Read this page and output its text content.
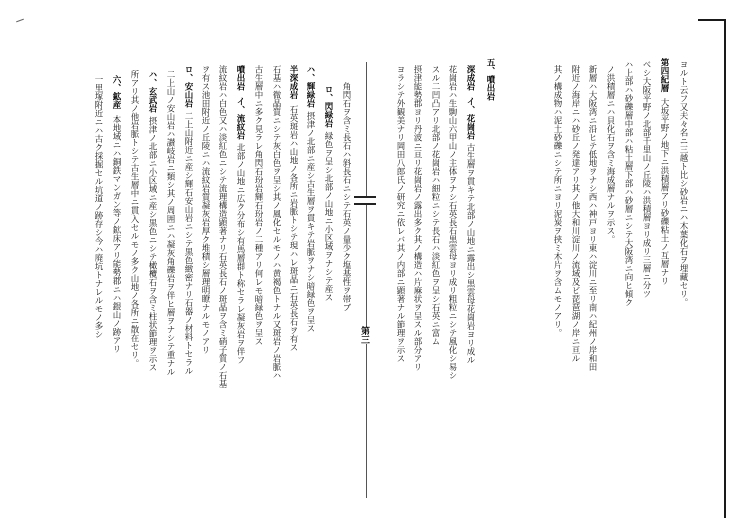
ヨルト云フ又夫々名ニ三越ト比シ砂岩ニハ木葉化石ヲ埋藏セリ。
第四紀層大坂平野ノ地下ニ洪積層アリ砂礫粘土ノ互層ナリ
ベシ大阪平野ノ北部千里山ノ丘陵ハ洪積層ヨリ成リ三層ニ分ツ
ハ上部ハ砂礫層中部ハ粘土層下部ハ砂層ニシテ大阪湾ニ向ヒ傾ク
ノ洪積層ニハ貝化石ヲ含ミ海成層ナルヲ示ス。
新層ハ大阪湾ニ沿ヒテ低地ヲナシ西ハ神戸ヨリ東ハ淀川ニ至リ南ハ紀州ノ岸和田
附近ノ海岸ニハ砂丘ノ発達アリ其ノ他大和川淀川ノ流域及ビ琵琶湖ノ岸ニ亘ル
其ノ構成物ハ泥土砂礫ニシテ所ニヨリ泥炭ヲ挟ミ木片ヲ含ムモノアリ。
五、噴出岩
深成岩イ、花崗岩古生層ヲ貫キテ北部ノ山地ニ露出シ黒雲母花崗岩ヨリ成ル
花崗岩ハ生駒山六甲山ノ主体ヲナシ石英長石黒雲母ヨリ成リ粗粒ニシテ風化シ易シ
スル二凹凸アリ北部ノ花崗岩ハ細粒ニシテ長石ハ淡紅色ヲ呈シ石英ニ富ム
摂津能勢郡ヨリ丹波ニ亘リ花崗岩ノ露出多ク其ノ構造ハ片麻状ヲ呈スル部分アリ
ヨラシテ外観美ナリ岡田八郎氏ノ研究ニ依レバ其ノ内部ニ顕著ナル節理ヲ示ス
第三
角閃石ヲ含ミ長石ハ斜長石ニシテ石英ノ量少ク塩基性ヲ帯ブ
ロ、閃緑岩緑色ヲ呈シ北部ノ山地ニ小区域ヲナシテ産ス
ハ、輝緑岩摂津ノ北部ニ産シ古生層ヲ貫キテ岩脈ヲナシ暗緑色ヲ呈ス
半深成岩石英斑岩ハ山地ノ各所ニ岩脈トシテ現ハレ斑晶ニ石英長石ヲ有ス
石基ハ微晶質ニシテ灰白色ヲ呈シ其ノ風化セルモノハ黄褐色トナル又斑岩ノ岩脈ハ
古生層中ニ多ク見ラレ角閃石玢岩輝石玢岩ノ二種アリ何レモ暗緑色ヲ呈ス
噴出岩イ、流紋岩北部ノ山地ニ広ク分布シ有馬層群ト称セラレ凝灰岩ヲ伴フ
流紋岩ハ白色又ハ淡紅色ニシテ流理構造顕著ナリ石英長石ノ斑晶ヲ含ミ硝子質ノ石基
ヲ有ス池田附近ノ丘陵ニハ流紋岩質凝灰岩厚ク堆積シ層理明瞭ナルモノアリ
ロ、安山岩二上山附近ニ産シ輝石安山岩ニシテ黒色緻密ナリ石器ノ材料トセラル
二上山ノ安山岩ハ讃岐岩ニ類シ其ノ周囲ニハ凝灰角礫岩ヲ伴ヒ層ヲナシテ重ナル
ハ、玄武岩摂津ノ北部ニ小区域ニ産シ黒色ニシテ橄欖石ヲ含ミ柱状節理ヲ示ス
所アリ其ノ他岩脈トシテ古生層中ニ貫入セルモノ多ク山地ノ各所ニ散在セリ。
六、鉱産本地域ニハ銅鉄マンガン等ノ鉱床アリ能勢郡ニハ銀山ノ跡アリ
一里塚附近ニハ古ク採掘セル坑道ノ跡存シ今ハ廃坑トナレルモノ多シ
